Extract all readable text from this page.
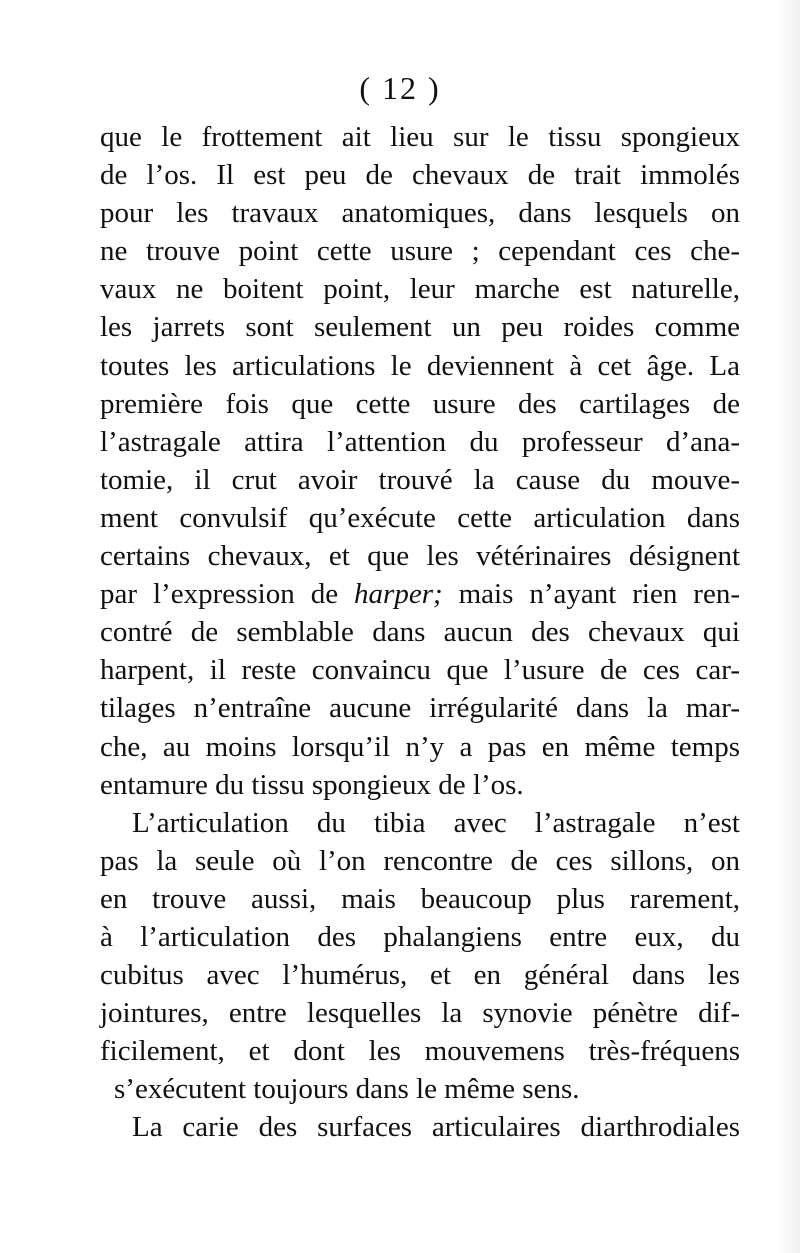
( 12 )
que le frottement ait lieu sur le tissu spongieux
de l’os. Il est peu de chevaux de trait immolés
pour les travaux anatomiques, dans lesquels on
ne trouve point cette usure ; cependant ces che-
vaux ne boitent point, leur marche est naturelle,
les jarrets sont seulement un peu roides comme
toutes les articulations le deviennent à cet âge. La
première fois que cette usure des cartilages de
l’astragale attira l’attention du professeur d’ana-
tomie, il crut avoir trouvé la cause du mouve-
ment convulsif qu’exécute cette articulation dans
certains chevaux, et que les vétérinaires désignent
par l’expression de harper; mais n’ayant rien ren-
contré de semblable dans aucun des chevaux qui
harpent, il reste convaincu que l’usure de ces car-
tilages n’entraîne aucune irrégularité dans la mar-
che, au moins lorsqu’il n’y a pas en même temps
entamure du tissu spongieux de l’os.
L’articulation du tibia avec l’astragale n’est
pas la seule où l’on rencontre de ces sillons, on
en trouve aussi, mais beaucoup plus rarement,
à l’articulation des phalangiens entre eux, du
cubitus avec l’humérus, et en général dans les
jointures, entre lesquelles la synovie pénètre dif-
ficilement, et dont les mouvemens très-fréquens
s’exécutent toujours dans le même sens.
La carie des surfaces articulaires diarthrodiales
